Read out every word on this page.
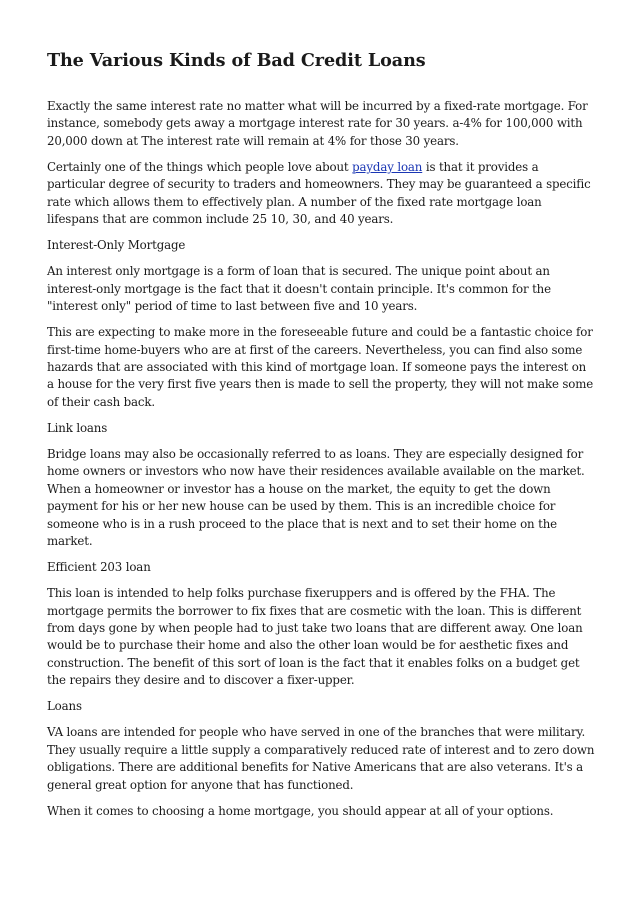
The Various Kinds of Bad Credit Loans

Exactly the same interest rate no matter what will be incurred by a fixed-rate mortgage. For instance, somebody gets away a mortgage interest rate for 30 years. a-4% for 100,000 with 20,000 down at The interest rate will remain at 4% for those 30 years.

Certainly one of the things which people love about payday loan is that it provides a particular degree of security to traders and homeowners. They may be guaranteed a specific rate which allows them to effectively plan. A number of the fixed rate mortgage loan lifespans that are common include 25 10, 30, and 40 years.

Interest-Only Mortgage

An interest only mortgage is a form of loan that is secured. The unique point about an interest-only mortgage is the fact that it doesn't contain principle. It's common for the "interest only" period of time to last between five and 10 years.

This are expecting to make more in the foreseeable future and could be a fantastic choice for first-time home-buyers who are at first of the careers. Nevertheless, you can find also some hazards that are associated with this kind of mortgage loan. If someone pays the interest on a house for the very first five years then is made to sell the property, they will not make some of their cash back.

Link loans

Bridge loans may also be occasionally referred to as loans. They are especially designed for home owners or investors who now have their residences available available on the market. When a homeowner or investor has a house on the market, the equity to get the down payment for his or her new house can be used by them. This is an incredible choice for someone who is in a rush proceed to the place that is next and to set their home on the market.

Efficient 203 loan

This loan is intended to help folks purchase fixeruppers and is offered by the FHA. The mortgage permits the borrower to fix fixes that are cosmetic with the loan. This is different from days gone by when people had to just take two loans that are different away. One loan would be to purchase their home and also the other loan would be for aesthetic fixes and construction. The benefit of this sort of loan is the fact that it enables folks on a budget get the repairs they desire and to discover a fixer-upper.

Loans

VA loans are intended for people who have served in one of the branches that were military. They usually require a little supply a comparatively reduced rate of interest and to zero down obligations. There are additional benefits for Native Americans that are also veterans. It's a general great option for anyone that has functioned.

When it comes to choosing a home mortgage, you should appear at all of your options.
